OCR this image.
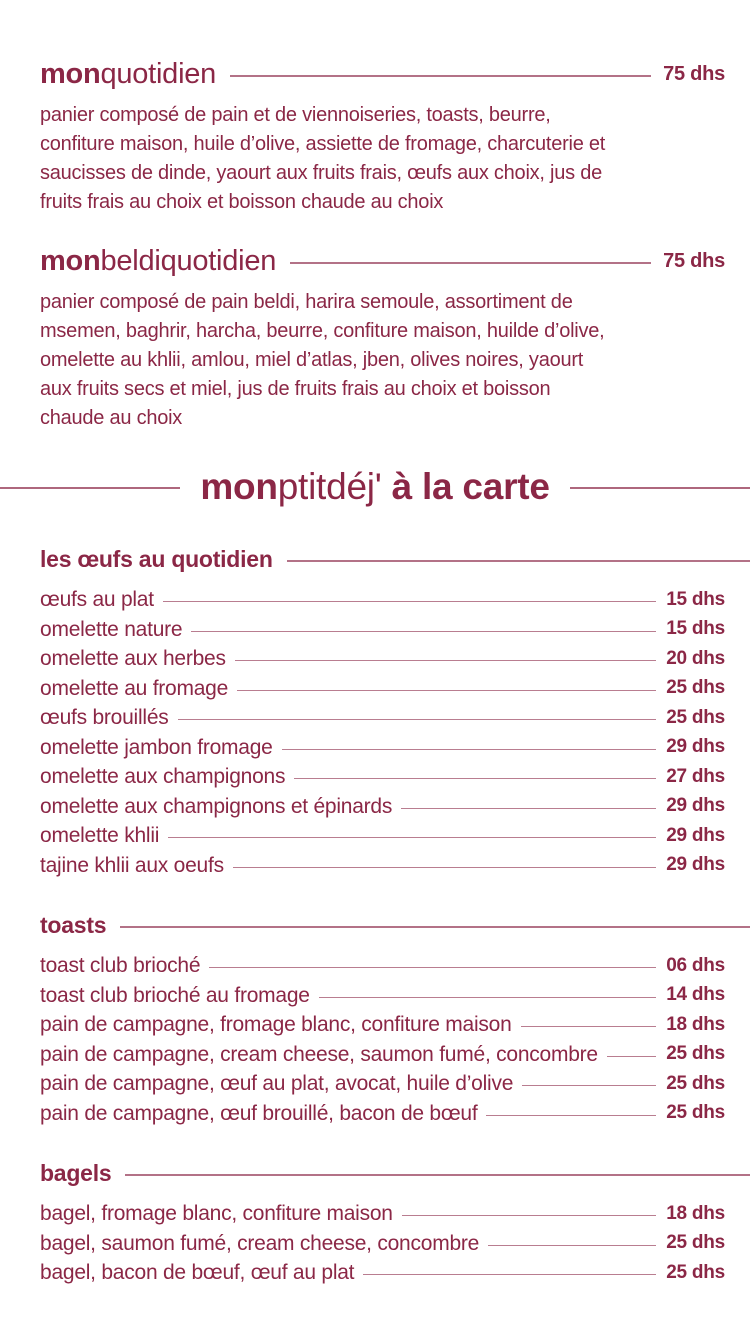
monquotidien	75 dhs

panier composé de pain et de viennoiseries, toasts, beurre, confiture maison, huile d’olive, assiette de fromage, charcuterie et saucisses de dinde, yaourt aux fruits frais, œufs aux choix, jus de fruits frais au choix et boisson chaude au choix

monbeldiquotidien	75 dhs

panier composé de pain beldi, harira semoule, assortiment de msemen, baghrir, harcha, beurre, confiture maison, huilde d’olive, omelette au khlii, amlou, miel d’atlas, jben, olives noires, yaourt aux fruits secs et miel, jus de fruits frais au choix et boisson chaude au choix

monptitdéj' à la carte
les œufs au quotidien
œufs au plat	15 dhs
omelette nature	15 dhs
omelette aux herbes	20 dhs
omelette au fromage	25 dhs
œufs brouillés	25 dhs
omelette jambon fromage	29 dhs
omelette aux champignons	27 dhs
omelette aux champignons et épinards	29 dhs
omelette khlii	29 dhs
tajine khlii aux oeufs	29 dhs
toasts
toast club brioché	06 dhs
toast club brioché au fromage	14 dhs
pain de campagne, fromage blanc, confiture maison	18 dhs
pain de campagne, cream cheese, saumon fumé, concombre	25 dhs
pain de campagne, œuf au plat, avocat, huile d’olive	25 dhs
pain de campagne, œuf brouillé, bacon de bœuf	25 dhs
bagels
bagel, fromage blanc, confiture maison	18 dhs
bagel, saumon fumé, cream cheese, concombre	25 dhs
bagel, bacon de bœuf, œuf au plat	25 dhs
